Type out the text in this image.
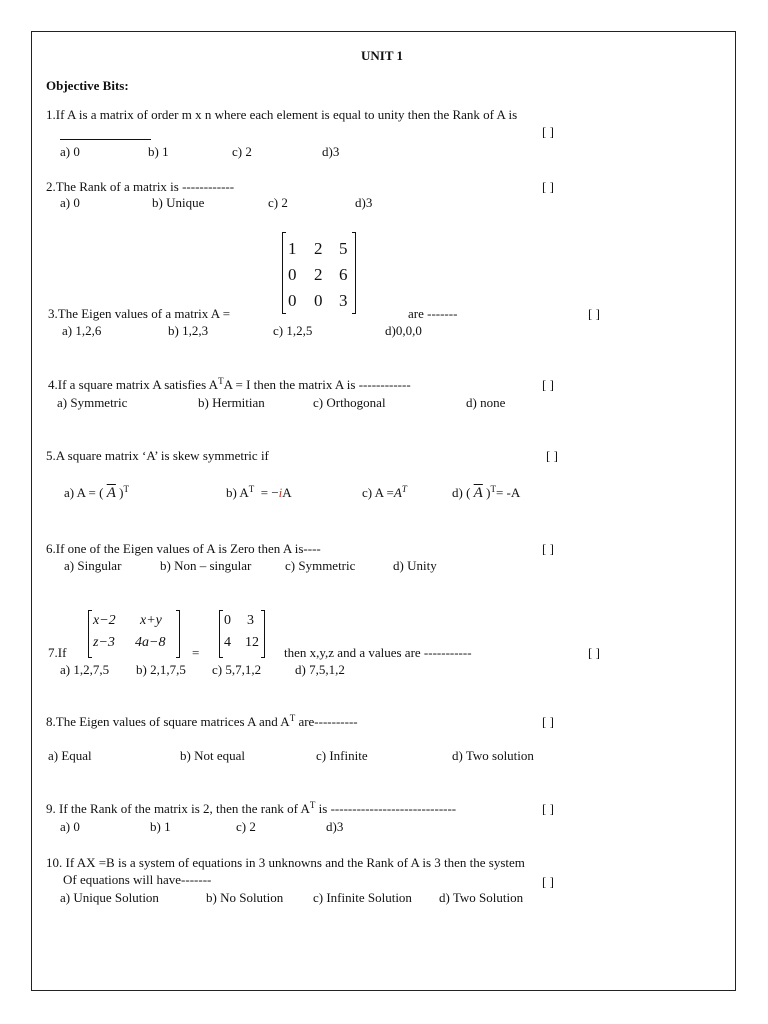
UNIT 1
Objective Bits:
1.If A is a matrix of order m x n where each element is equal to unity then the Rank of A is
[ ]
a) 0	b) 1	c) 2	d)3
2.The Rank of a matrix is ------------	[ ]
a) 0	b) Unique	c) 2	d)3
1 2 5
0 2 6
0 0 3
3.The Eigen values of a matrix A =	are -------	[ ]
a) 1,2,6	b) 1,2,3	c) 1,2,5	d)0,0,0
4.If a square matrix A satisfies $A^TA = I$ then the matrix A is ------------	[ ]
a) Symmetric	b) Hermitian	c) Orthogonal	d) none
5.A square matrix ‘A’ is skew symmetric if	[ ]
a) A = ( $\overline{A}$ )$^T$	b) $A^T = -iA$	c) $A =A^T$	d) ( $\overline{A}$ )$^T$= -A
6.If one of the Eigen values of A is Zero then A is----	[ ]
a) Singular	b) Non – singular	c) Symmetric	d) Unity
x−2 x+y
z−3 4a−8
=
0 3
4 12
7.If	then x,y,z and a values are -----------	[ ]
a) 1,2,7,5 b) 2,1,7,5 c) 5,7,1,2	d) 7,5,1,2
8.The Eigen values of square matrices A and $A^T$ are----------	[ ]
a) Equal	b) Not equal	c) Infinite	d) Two solution
9. If the Rank of the matrix is 2, then the rank of $A^T$ is -----------------------------	[ ]
a) 0	b) 1	c) 2	d)3
10. If AX =B is a system of equations in 3 unknowns and the Rank of A is 3 then the system
Of equations will have-------	[ ]
a) Unique Solution	b) No Solution c) Infinite Solution d) Two Solution
